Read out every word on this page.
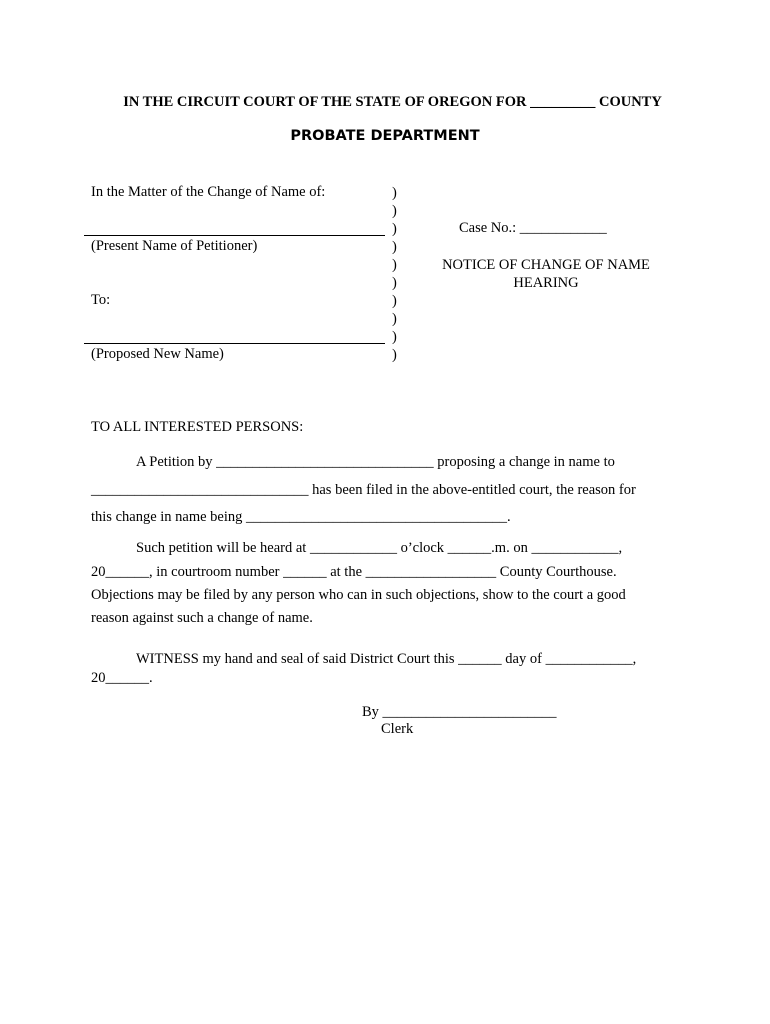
IN THE CIRCUIT COURT OF THE STATE OF OREGON FOR _________ COUNTY
PROBATE DEPARTMENT
In the Matter of the Change of Name of:
(Present Name of Petitioner)
To:
(Proposed New Name)
)
)
)
)
)
)
)
)
)
)
Case No.: ____________
NOTICE OF CHANGE OF NAME
HEARING
TO ALL INTERESTED PERSONS:
A Petition by ______________________________ proposing a change in name to
______________________________ has been filed in the above-entitled court, the reason for
this change in name being ____________________________________.
Such petition will be heard at ____________ o’clock ______.m. on ____________,
20______, in courtroom number ______ at the __________________ County Courthouse.
Objections may be filed by any person who can in such objections, show to the court a good
reason against such a change of name.
WITNESS my hand and seal of said District Court this ______ day of ____________,
20______.
By ________________________
Clerk
